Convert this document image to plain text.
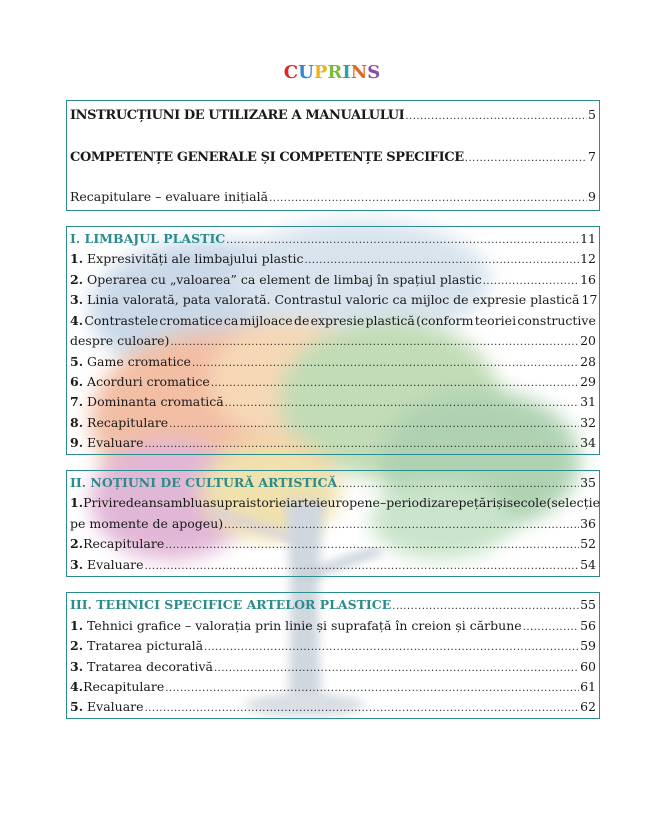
CUPRINS
INSTRUCȚIUNI DE UTILIZARE A MANUALULUI .....	5
COMPETENȚE GENERALE ȘI COMPETENȚE SPECIFICE .....	7
Recapitulare – evaluare inițială .....	9
I. LIMBAJUL PLASTIC .....	11
1. Expresivități ale limbajului plastic .....	12
2. Operarea cu „valoarea” ca element de limbaj în spațiul plastic .....	16
3. Linia valorată, pata valorată. Contrastul valoric ca mijloc de expresie plastică 17
4. Contrastele cromatice ca mijloace de expresie plastică (conform teoriei constructive
despre culoare) .....	20
5. Game cromatice .....	28
6. Acorduri cromatice .....	29
7. Dominanta cromatică .....	31
8. Recapitulare .....	32
9. Evaluare .....	34
II. NOȚIUNI DE CULTURĂ ARTISTICĂ .....	35
1. Privire de ansamblu asupra istoriei artei europene – periodizare pe țări și secole (selecție
pe momente de apogeu) .....	36
2.Recapitulare .....	52
3. Evaluare .....	54
III. TEHNICI SPECIFICE ARTELOR PLASTICE .....	55
1. Tehnici grafice – valorația prin linie și suprafață în creion și cărbune .....	56
2. Tratarea picturală .....	59
3. Tratarea decorativă .....	60
4.Recapitulare .....	61
5. Evaluare .....	62
